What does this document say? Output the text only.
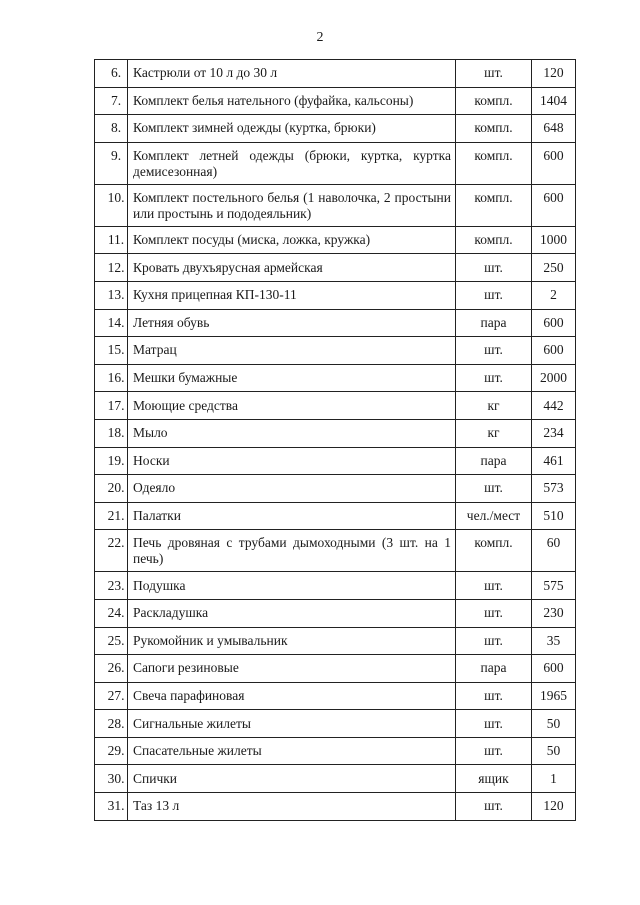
2
6.	Кастрюли от 10 л до 30 л	шт.	120
7.	Комплект белья нательного (фуфайка, кальсоны)	компл.	1404
8.	Комплект зимней одежды (куртка, брюки)	компл.	648
9.	Комплект летней одежды (брюки, куртка, куртка демисезонная)	компл.	600
10.	Комплект постельного белья (1 наволочка, 2 простыни или простынь и пододеяльник)	компл.	600
11.	Комплект посуды (миска, ложка, кружка)	компл.	1000
12.	Кровать двухъярусная армейская	шт.	250
13.	Кухня прицепная КП-130-11	шт.	2
14.	Летняя обувь	пара	600
15.	Матрац	шт.	600
16.	Мешки бумажные	шт.	2000
17.	Моющие средства	кг	442
18.	Мыло	кг	234
19.	Носки	пара	461
20.	Одеяло	шт.	573
21.	Палатки	чел./мест	510
22.	Печь дровяная с трубами дымоходными (3 шт. на 1 печь)	компл.	60
23.	Подушка	шт.	575
24.	Раскладушка	шт.	230
25.	Рукомойник и умывальник	шт.	35
26.	Сапоги резиновые	пара	600
27.	Свеча парафиновая	шт.	1965
28.	Сигнальные жилеты	шт.	50
29.	Спасательные жилеты	шт.	50
30.	Спички	ящик	1
31.	Таз 13 л	шт.	120
